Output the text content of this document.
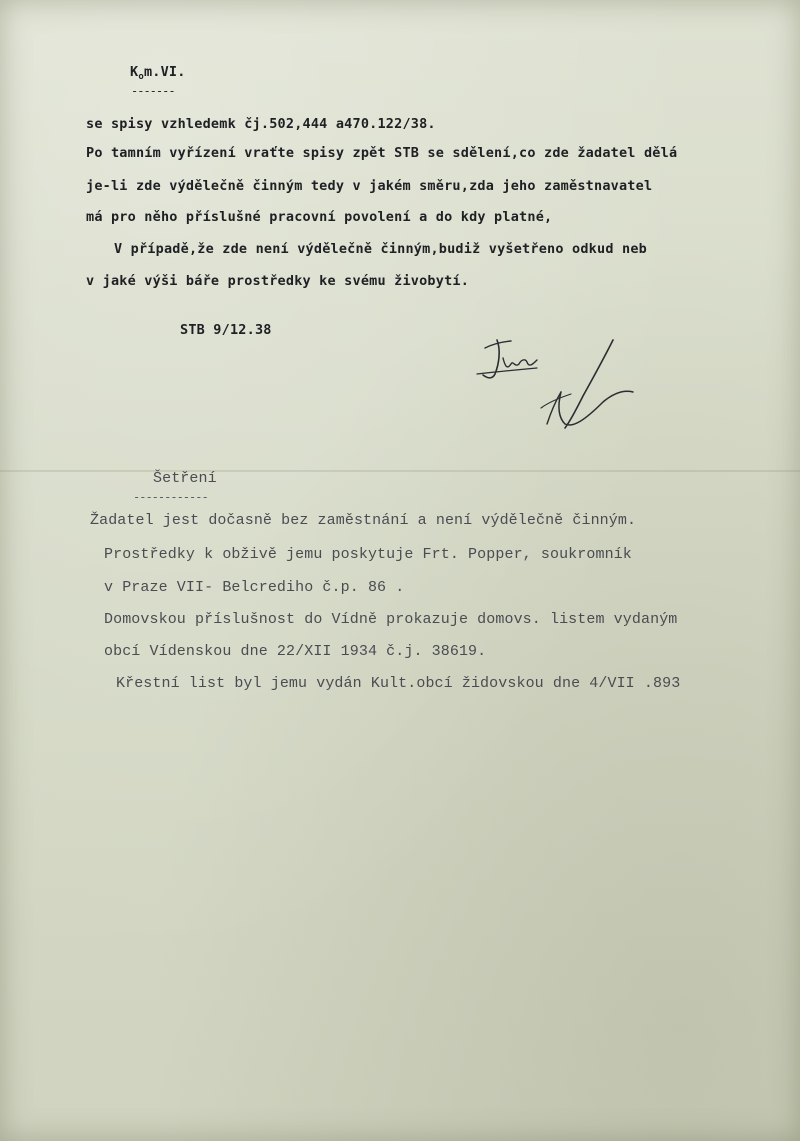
$K_om.VI$.
-------
se spisy vzhledemk čj.502,444 a470.122/38.
Po tamním vyřízení vraťte spisy zpět STB se sdělení,co zde žadatel dělá
je-li zde výdělečně činným tedy v jakém směru,zda jeho zaměstnavatel
má pro něho příslušné pracovní povolení a do kdy platné,
V případě,že zde není výdělečně činným,budiž vyšetřeno odkud neb
v jaké výši báře prostředky ke svému živobytí.
STB 9/12.38
Šetření
------------
Žadatel jest dočasně bez zaměstnání a není výdělečně činným.
Prostředky k obživě jemu poskytuje Frt. Popper, soukromník
v Praze VII- Belcrediho č.p. 86 .
Domovskou příslušnost do Vídně prokazuje domovs. listem vydaným
obcí Vídenskou dne 22/XII 1934 č.j. 38619.
Křestní list byl jemu vydán Kult.obcí židovskou dne 4/VII .893
